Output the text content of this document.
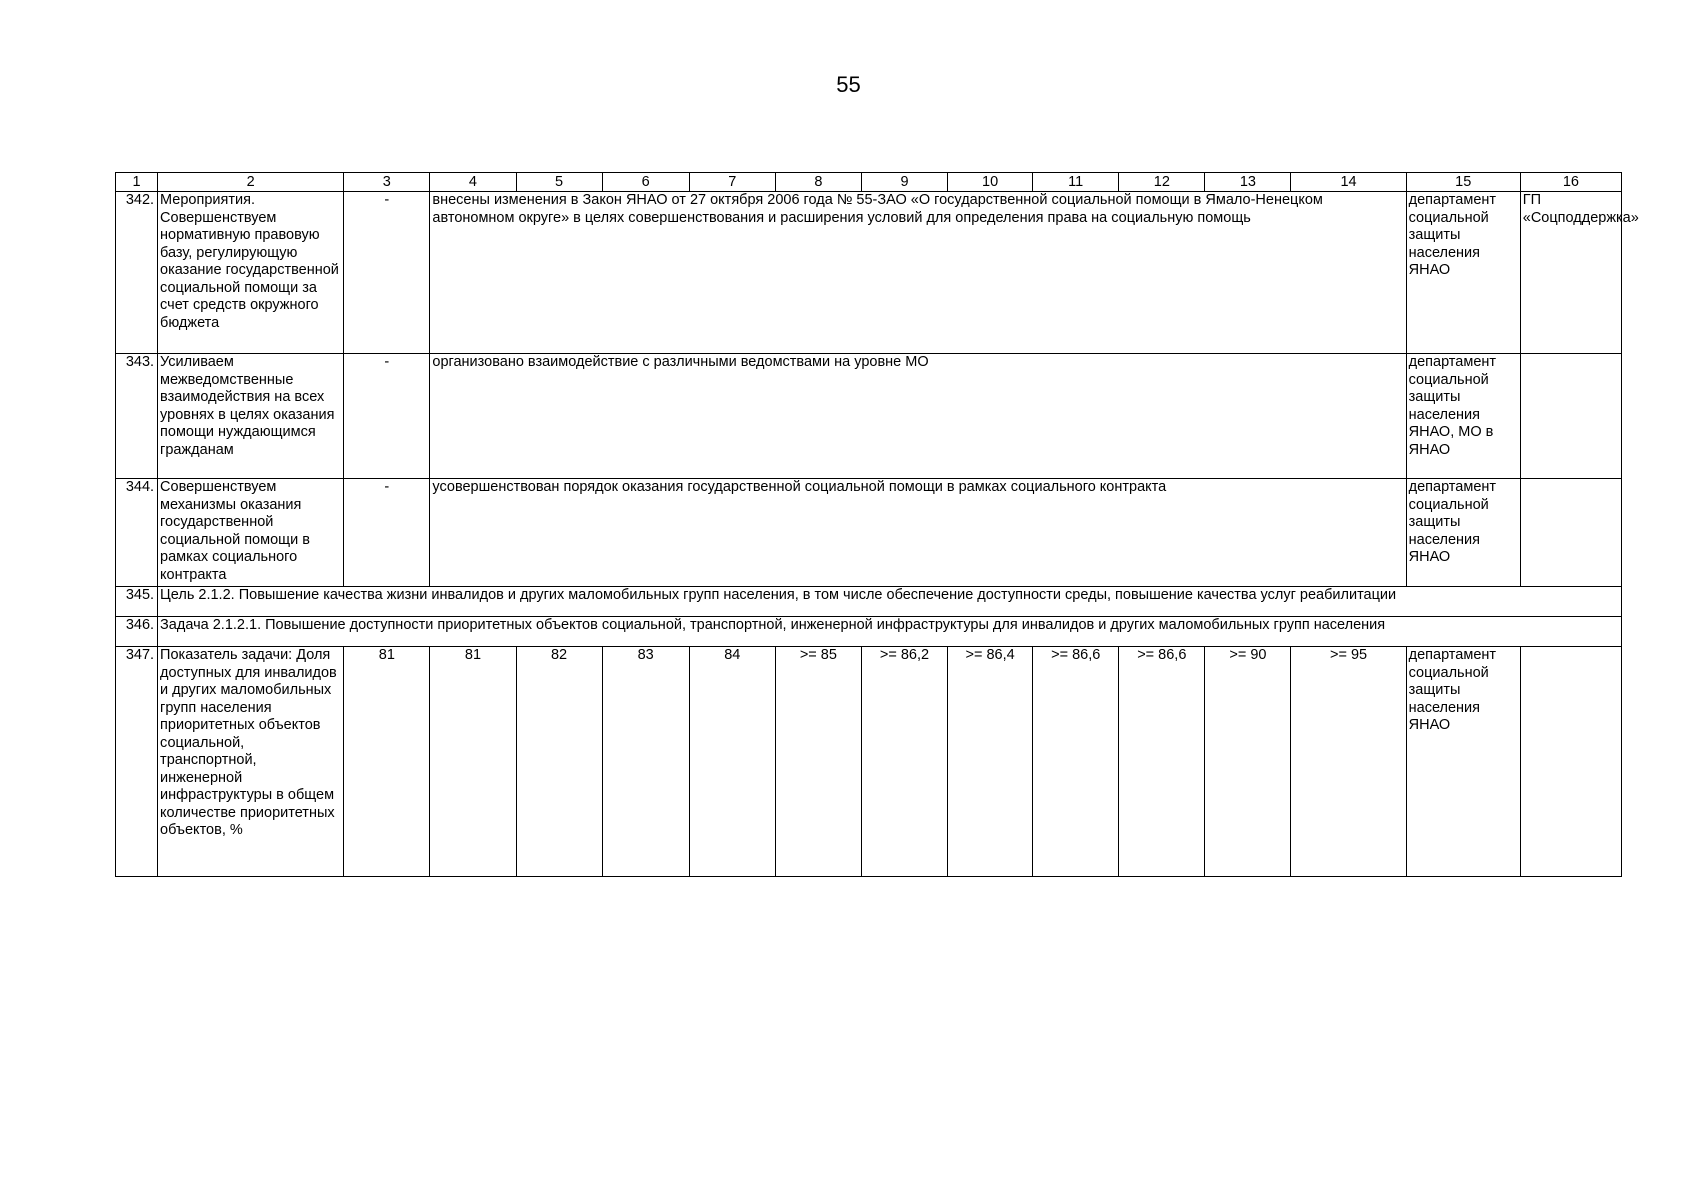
55
1	2	3	4	5	6	7	8	9	10	11	12	13	14	15	16
342.	Мероприятия. Совершенствуем нормативную правовую базу, регулирующую оказание государственной социальной помощи за счет средств окружного бюджета	-	внесены изменения в Закон ЯНАО от 27 октября 2006 года № 55-ЗАО «О государственной социальной помощи в Ямало-Ненецком автономном округе» в целях совершенствования и расширения условий для определения права на социальную помощь											департамент социальной защиты населения ЯНАО	ГП «Соцподдержка»
343.	Усиливаем межведомственные взаимодействия на всех уровнях в целях оказания помощи нуждающимся гражданам	-	организовано взаимодействие с различными ведомствами на уровне МО											департамент социальной защиты населения ЯНАО, МО в ЯНАО	
344.	Совершенствуем механизмы оказания государственной социальной помощи в рамках социального контракта	-	усовершенствован порядок оказания государственной социальной помощи в рамках социального контракта											департамент социальной защиты населения ЯНАО	
345.	Цель 2.1.2. Повышение качества жизни инвалидов и других маломобильных групп населения, в том числе обеспечение доступности среды, повышение качества услуг реабилитации														
346.	Задача 2.1.2.1. Повышение доступности приоритетных объектов социальной, транспортной, инженерной инфраструктуры для инвалидов и других маломобильных групп населения														
347.	Показатель задачи: Доля доступных для инвалидов и других маломобильных групп населения приоритетных объектов социальной, транспортной, инженерной инфраструктуры в общем количестве приоритетных объектов, %	81	81	82	83	84	>= 85	>= 86,2	>= 86,4	>= 86,6	>= 86,6	>= 90	>= 95	департамент социальной защиты населения ЯНАО	
